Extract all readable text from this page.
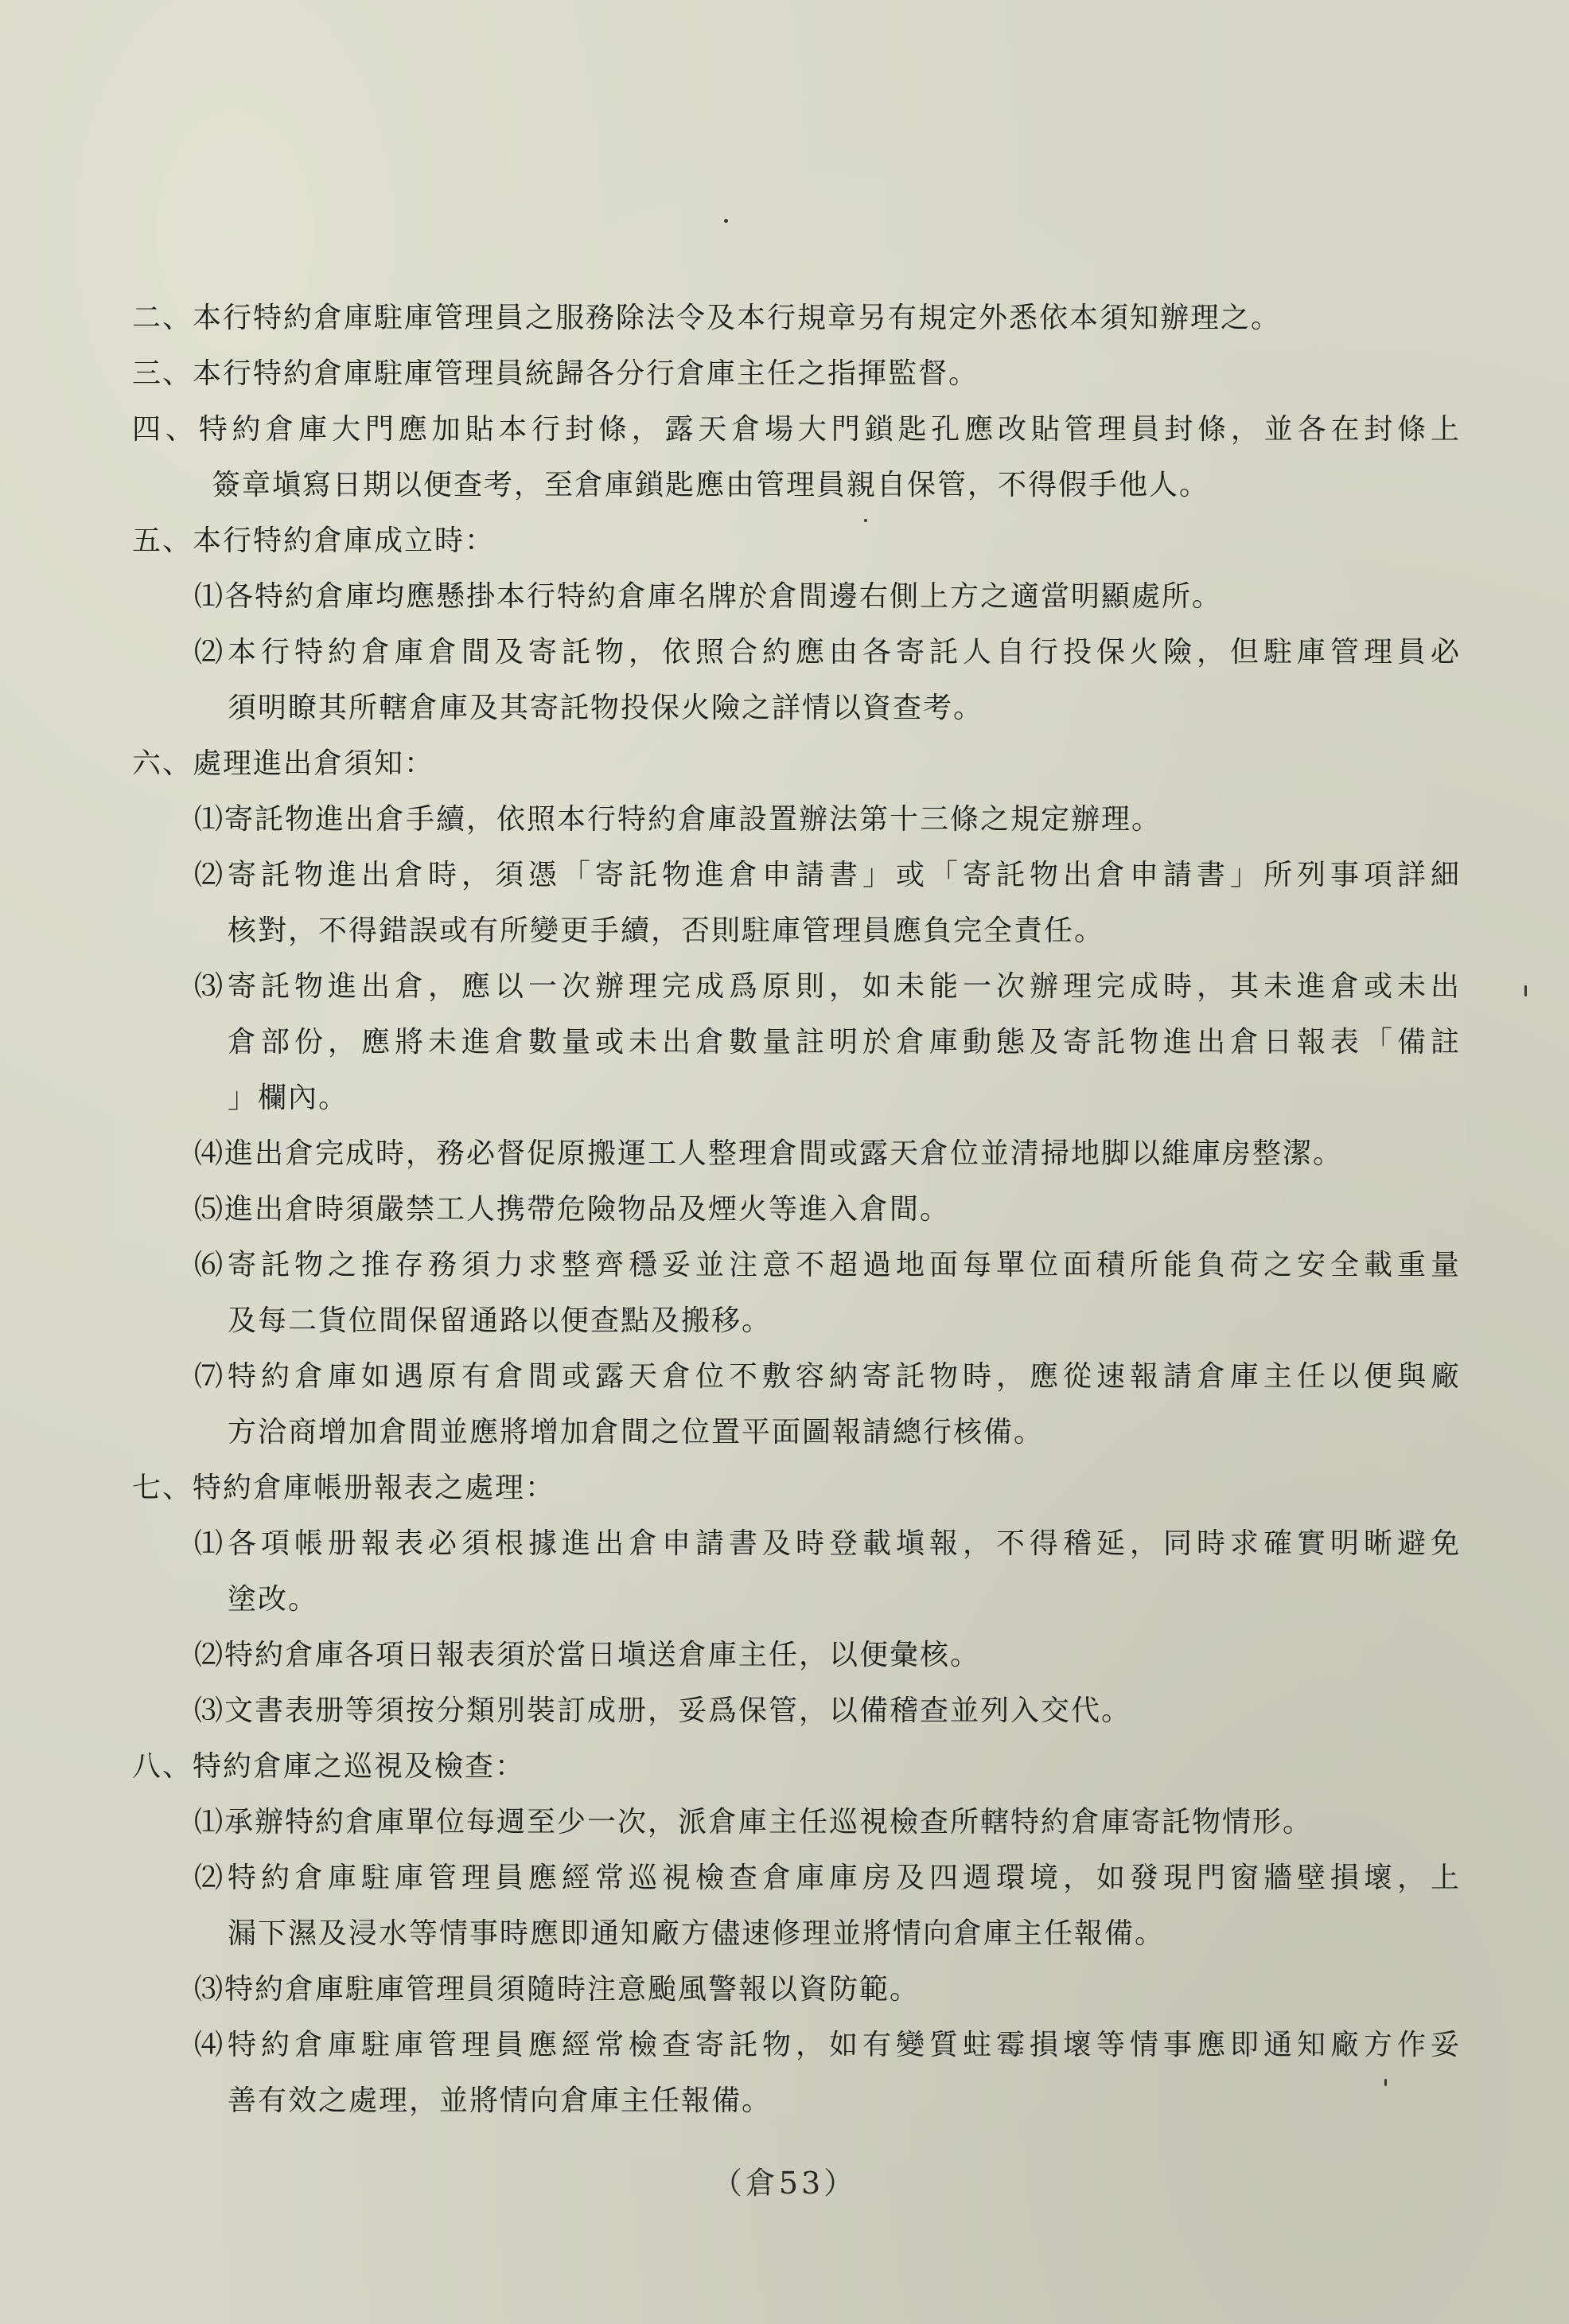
二、本行特約倉庫駐庫管理員之服務除法令及本行規章另有規定外悉依本須知辦理之。
三、本行特約倉庫駐庫管理員統歸各分行倉庫主任之指揮監督。
四、特約倉庫大門應加貼本行封條，露天倉場大門鎖匙孔應改貼管理員封條，並各在封條上
簽章塡寫日期以便查考，至倉庫鎖匙應由管理員親自保管，不得假手他人。
五、本行特約倉庫成立時：
⑴各特約倉庫均應懸掛本行特約倉庫名牌於倉間邊右側上方之適當明顯處所。
⑵本行特約倉庫倉間及寄託物，依照合約應由各寄託人自行投保火險，但駐庫管理員必
須明瞭其所轄倉庫及其寄託物投保火險之詳情以資查考。
六、處理進出倉須知：
⑴寄託物進出倉手續，依照本行特約倉庫設置辦法第十三條之規定辦理。
⑵寄託物進出倉時，須憑「寄託物進倉申請書」或「寄託物出倉申請書」所列事項詳細
核對，不得錯誤或有所變更手續，否則駐庫管理員應負完全責任。
⑶寄託物進出倉，應以一次辦理完成爲原則，如未能一次辦理完成時，其未進倉或未出
倉部份，應將未進倉數量或未出倉數量註明於倉庫動態及寄託物進出倉日報表「備註
」欄內。
⑷進出倉完成時，務必督促原搬運工人整理倉間或露天倉位並清掃地脚以維庫房整潔。
⑸進出倉時須嚴禁工人携帶危險物品及煙火等進入倉間。
⑹寄託物之推存務須力求整齊穩妥並注意不超過地面每單位面積所能負荷之安全載重量
及每二貨位間保留通路以便查點及搬移。
⑺特約倉庫如遇原有倉間或露天倉位不敷容納寄託物時，應從速報請倉庫主任以便與廠
方洽商增加倉間並應將增加倉間之位置平面圖報請總行核備。
七、特約倉庫帳册報表之處理：
⑴各項帳册報表必須根據進出倉申請書及時登載塡報，不得稽延，同時求確實明晰避免
塗改。
⑵特約倉庫各項日報表須於當日塡送倉庫主任，以便彙核。
⑶文書表册等須按分類別裝訂成册，妥爲保管，以備稽查並列入交代。
八、特約倉庫之巡視及檢查：
⑴承辦特約倉庫單位每週至少一次，派倉庫主任巡視檢查所轄特約倉庫寄託物情形。
⑵特約倉庫駐庫管理員應經常巡視檢查倉庫庫房及四週環境，如發現門窗牆壁損壞，上
漏下濕及浸水等情事時應即通知廠方儘速修理並將情向倉庫主任報備。
⑶特約倉庫駐庫管理員須隨時注意颱風警報以資防範。
⑷特約倉庫駐庫管理員應經常檢查寄託物，如有變質蛀霉損壞等情事應即通知廠方作妥
善有效之處理，並將情向倉庫主任報備。
（倉53）
